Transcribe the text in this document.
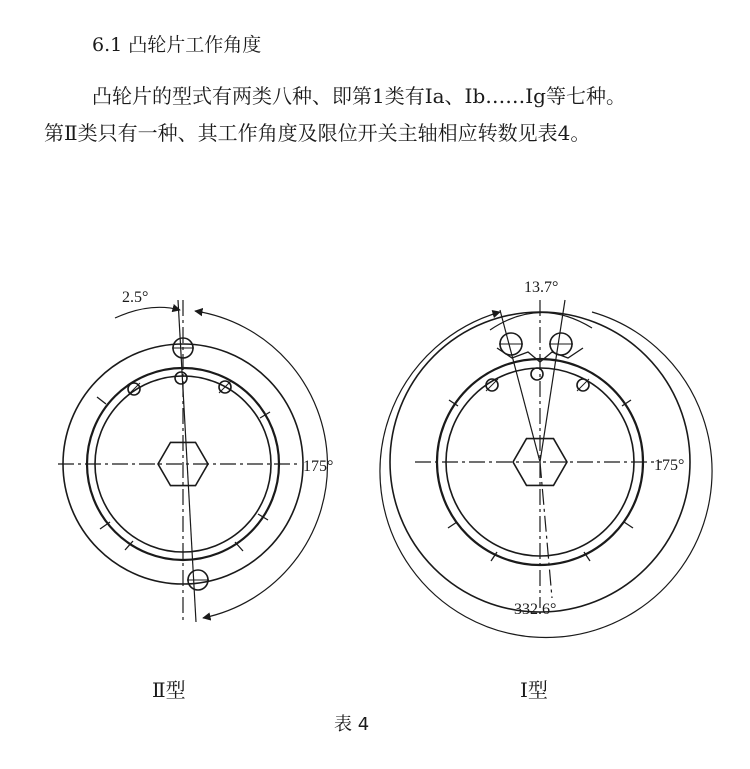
6.1 凸轮片工作角度
凸轮片的型式有两类八种、即第1类有Ia、Ib……Ig等七种。
第Ⅱ类只有一种、其工作角度及限位开关主轴相应转数见表4。
2.5°
175°
Ⅱ型
13.7°
175°
332.6°
Ⅰ型
表 4
